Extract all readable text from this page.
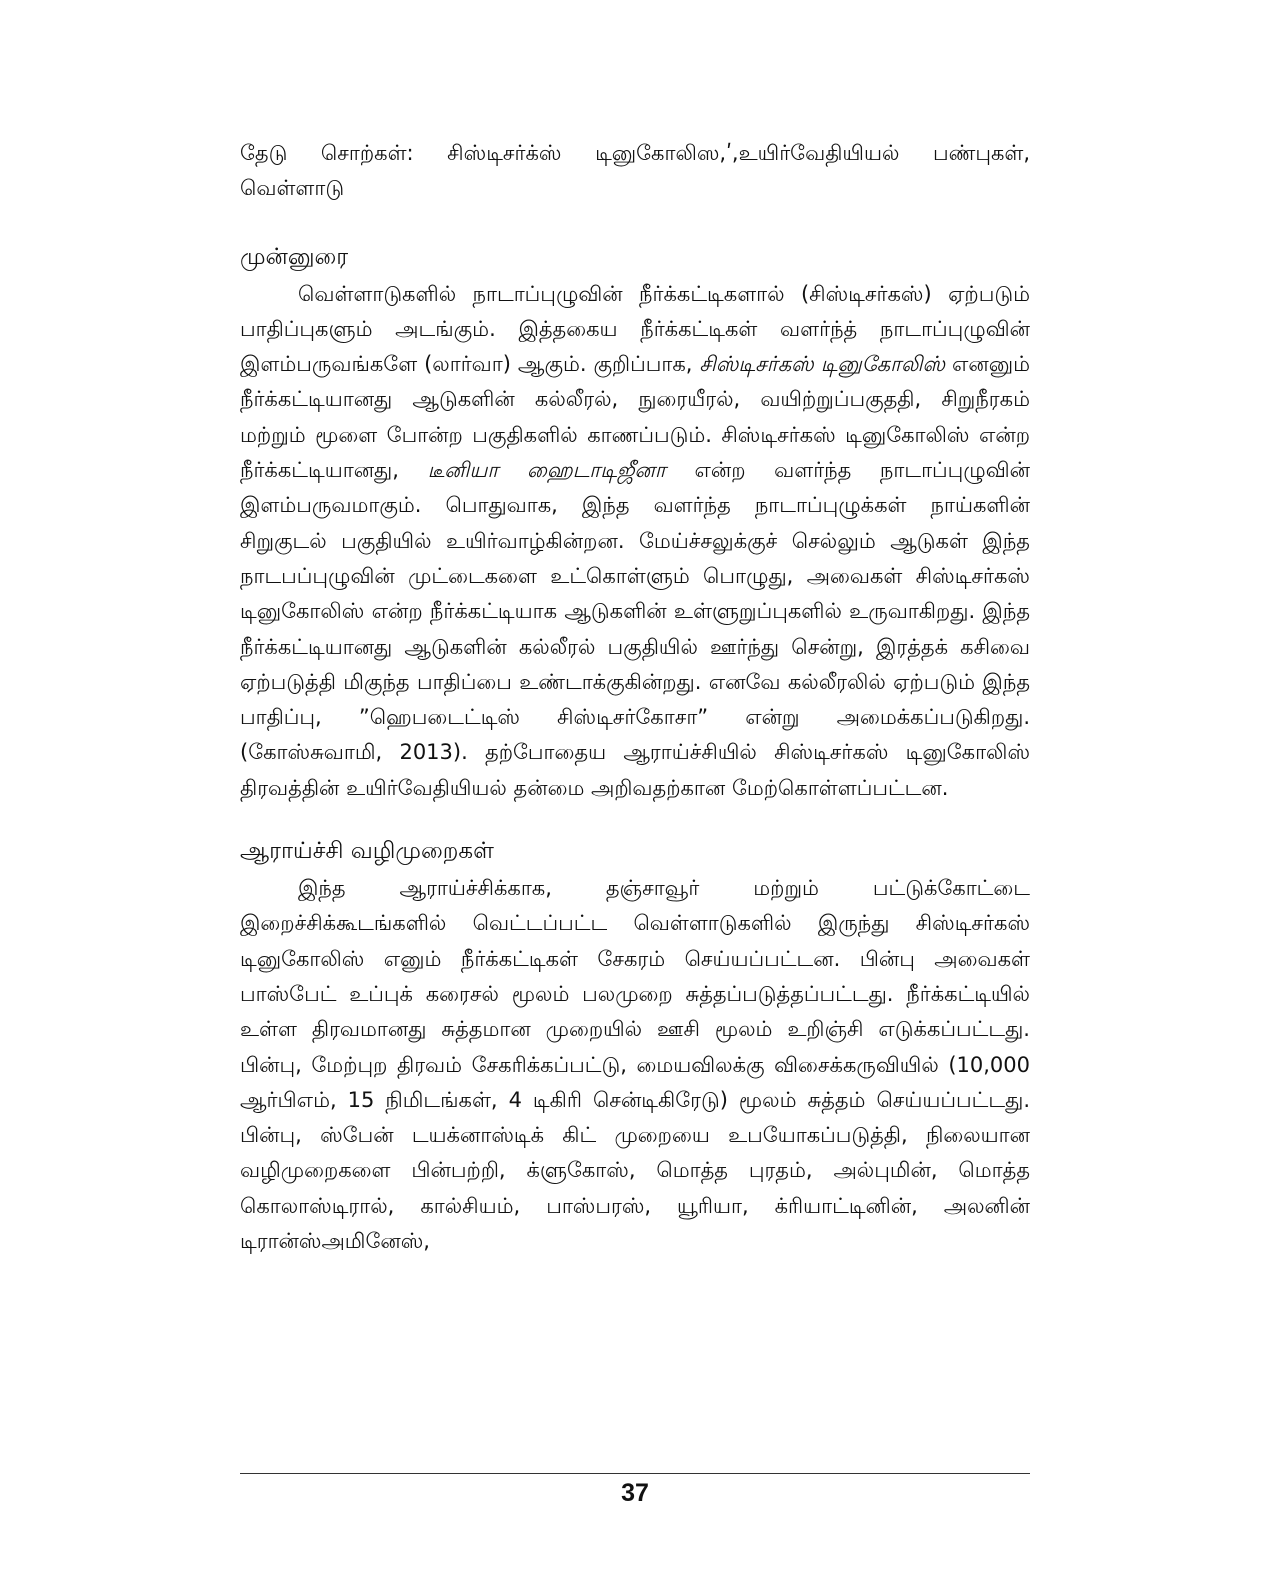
தேடு சொற்கள்: சிஸ்டிசர்க்ஸ் டினுகோலிஸ,ʹ,உயிர்வேதியியல் பண்புகள், வெள்ளாடு

முன்னுரை

வெள்ளாடுகளில் நாடாப்புழுவின் நீர்க்கட்டிகளால் (சிஸ்டிசர்கஸ்) ஏற்படும் பாதிப்புகளும் அடங்கும். இத்தகைய நீர்க்கட்டிகள் வளர்ந்த் நாடாப்புழுவின் இளம்பருவங்களே (லார்வா) ஆகும். குறிப்பாக, சிஸ்டிசர்கஸ் டினுகோலிஸ் எனனும் நீர்க்கட்டியானது ஆடுகளின் கல்லீரல், நுரையீரல், வயிற்றுப்பகுததி, சிறுநீரகம் மற்றும் மூளை போன்ற பகுதிகளில் காணப்படும். சிஸ்டிசர்கஸ் டினுகோலிஸ் என்ற நீர்க்கட்டியானது, டீனியா ஹைடாடிஜீனா என்ற வளர்ந்த நாடாப்புழுவின் இளம்பருவமாகும். பொதுவாக, இந்த வளர்ந்த நாடாப்புழுக்கள் நாய்களின் சிறுகுடல் பகுதியில் உயிர்வாழ்கின்றன. மேய்ச்சலுக்குச் செல்லும் ஆடுகள் இந்த நாடபப்புழுவின் முட்டைகளை உட்கொள்ளும் பொழுது, அவைகள் சிஸ்டிசர்கஸ் டினுகோலிஸ் என்ற நீர்க்கட்டியாக ஆடுகளின் உள்ளுறுப்புகளில் உருவாகிறது. இந்த நீர்க்கட்டியானது ஆடுகளின் கல்லீரல் பகுதியில் ஊர்ந்து சென்று, இரத்தக் கசிவை ஏற்படுத்தி மிகுந்த பாதிப்பை உண்டாக்குகின்றது. எனவே கல்லீரலில் ஏற்படும் இந்த பாதிப்பு, ”ஹெபடைட்டிஸ் சிஸ்டிசர்கோசா” என்று அமைக்கப்படுகிறது. (கோஸ்சுவாமி, 2013). தற்போதைய ஆராய்ச்சியில் சிஸ்டிசர்கஸ் டினுகோலிஸ் திரவத்தின் உயிர்வேதியியல் தன்மை அறிவதற்கான மேற்கொள்ளப்பட்டன.

ஆராய்ச்சி வழிமுறைகள்

இந்த ஆராய்ச்சிக்காக, தஞ்சாவூர் மற்றும் பட்டுக்கோட்டை இறைச்சிக்கூடங்களில் வெட்டப்பட்ட வெள்ளாடுகளில் இருந்து சிஸ்டிசர்கஸ் டினுகோலிஸ் எனும் நீர்க்கட்டிகள் சேகரம் செய்யப்பட்டன. பின்பு அவைகள் பாஸ்பேட் உப்புக் கரைசல் மூலம் பலமுறை சுத்தப்படுத்தப்பட்டது. நீர்க்கட்டியில் உள்ள திரவமானது சுத்தமான முறையில் ஊசி மூலம் உறிஞ்சி எடுக்கப்பட்டது. பின்பு, மேற்புற திரவம் சேகரிக்கப்பட்டு, மையவிலக்கு விசைக்கருவியில் (10,000 ஆர்பிஎம், 15 நிமிடங்கள், 4 டிகிரி சென்டிகிரேடு) மூலம் சுத்தம் செய்யப்பட்டது. பின்பு, ஸ்பேன் டயக்னாஸ்டிக் கிட் முறையை உபயோகப்படுத்தி, நிலையான வழிமுறைகளை பின்பற்றி, க்ளுகோஸ், மொத்த புரதம், அல்புமின், மொத்த கொலாஸ்டிரால், கால்சியம், பாஸ்பரஸ், யூரியா, க்ரியாட்டினின், அலனின் டிரான்ஸ்அமினேஸ்,

37
